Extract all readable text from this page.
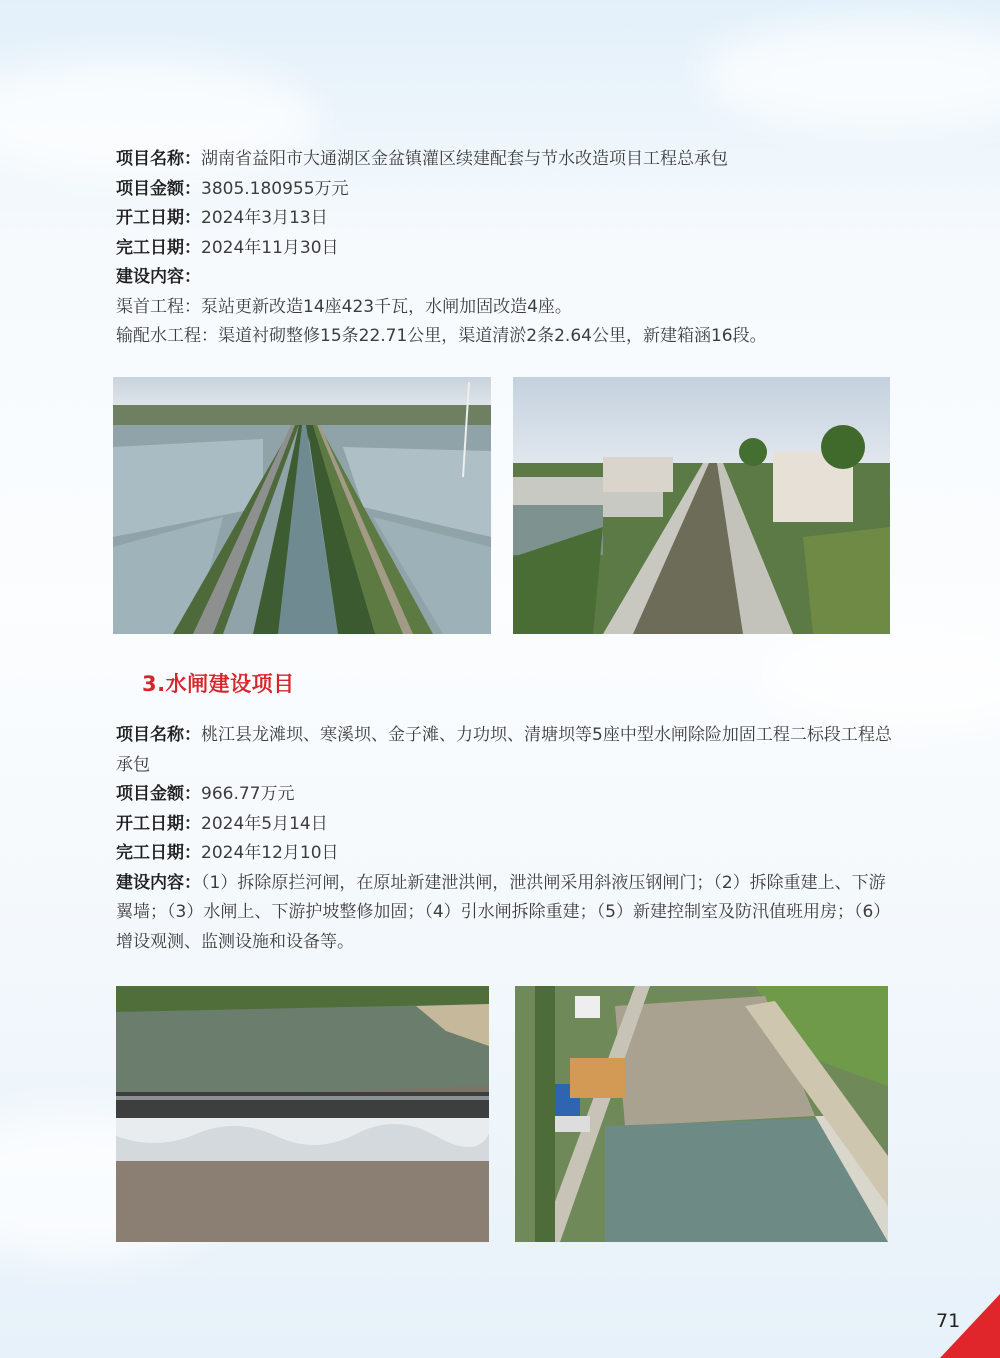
项目名称：湖南省益阳市大通湖区金盆镇灌区续建配套与节水改造项目工程总承包
项目金额：3805.180955万元
开工日期：2024年3月13日
完工日期：2024年11月30日
建设内容：
渠首工程：泵站更新改造14座423千瓦，水闸加固改造4座。
输配水工程：渠道衬砌整修15条22.71公里，渠道清淤2条2.64公里，新建箱涵16段。
3.水闸建设项目
项目名称：桃江县龙滩坝、寒溪坝、金子滩、力功坝、清塘坝等5座中型水闸除险加固工程二标段工程总承包
项目金额：966.77万元
开工日期：2024年5月14日
完工日期：2024年12月10日
建设内容：（1）拆除原拦河闸，在原址新建泄洪闸，泄洪闸采用斜液压钢闸门；（2）拆除重建上、下游翼墙；（3）水闸上、下游护坡整修加固；（4）引水闸拆除重建；（5）新建控制室及防汛值班用房；（6）增设观测、监测设施和设备等。
71
